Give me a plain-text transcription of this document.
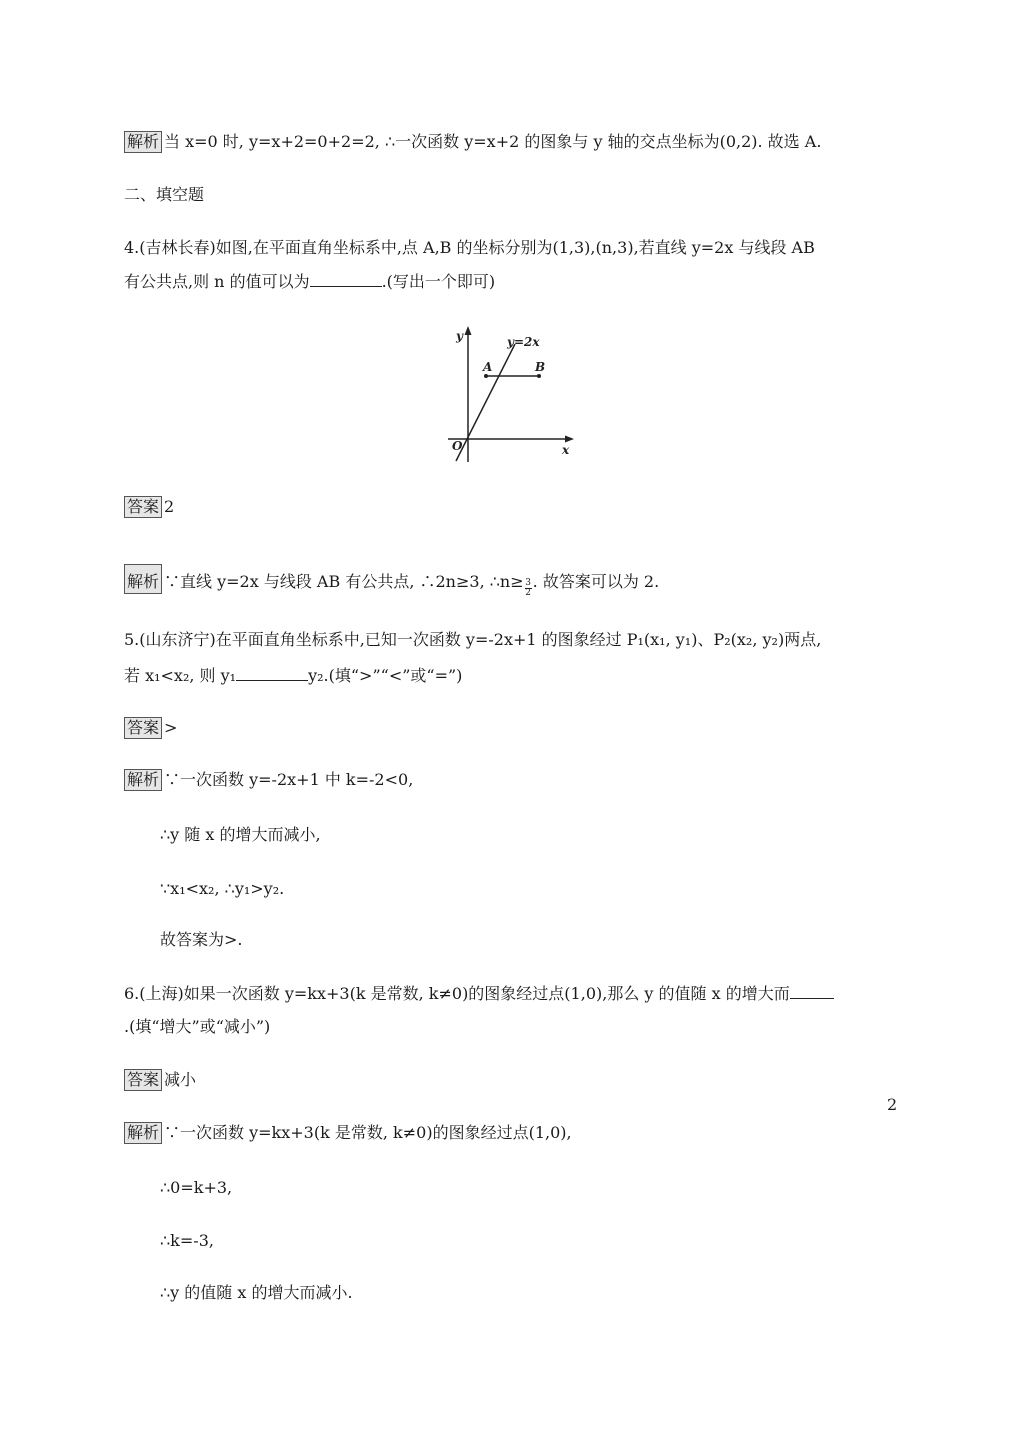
解析 当 x=0 时, y=x+2=0+2=2, ∴一次函数 y=x+2 的图象与 y 轴的交点坐标为(0,2). 故选 A.
二、填空题
4.(吉林长春)如图,在平面直角坐标系中,点 A,B 的坐标分别为(1,3),(n,3),若直线 y=2x 与线段 AB
有公共点,则 n 的值可以为	.(写出一个即可)
y
x
O
y=2x
A	B
答案 2
解析 ∵直线 y=2x 与线段 AB 有公共点, ∴2n≥3, ∴n≥ $\frac{3}{2}$ . 故答案可以为 2.
5.(山东济宁)在平面直角坐标系中,已知一次函数 y=-2x+1 的图象经过 P₁(x₁, y₁)、P₂(x₂, y₂)两点,
若 x₁<x₂, 则 y₁	y₂.(填“>”“<”或“=”)
答案 >
解析 ∵一次函数 y=-2x+1 中 k=-2<0,
∴y 随 x 的增大而减小,
∵x₁<x₂, ∴y₁>y₂.
故答案为>.
6.(上海)如果一次函数 y=kx+3(k 是常数, k≠0)的图象经过点(1,0),那么 y 的值随 x 的增大而
.(填“增大”或“减小”)
答案 减小
解析 ∵一次函数 y=kx+3(k 是常数, k≠0)的图象经过点(1,0),
∴0=k+3,
∴k=-3,
∴y 的值随 x 的增大而减小.
2
